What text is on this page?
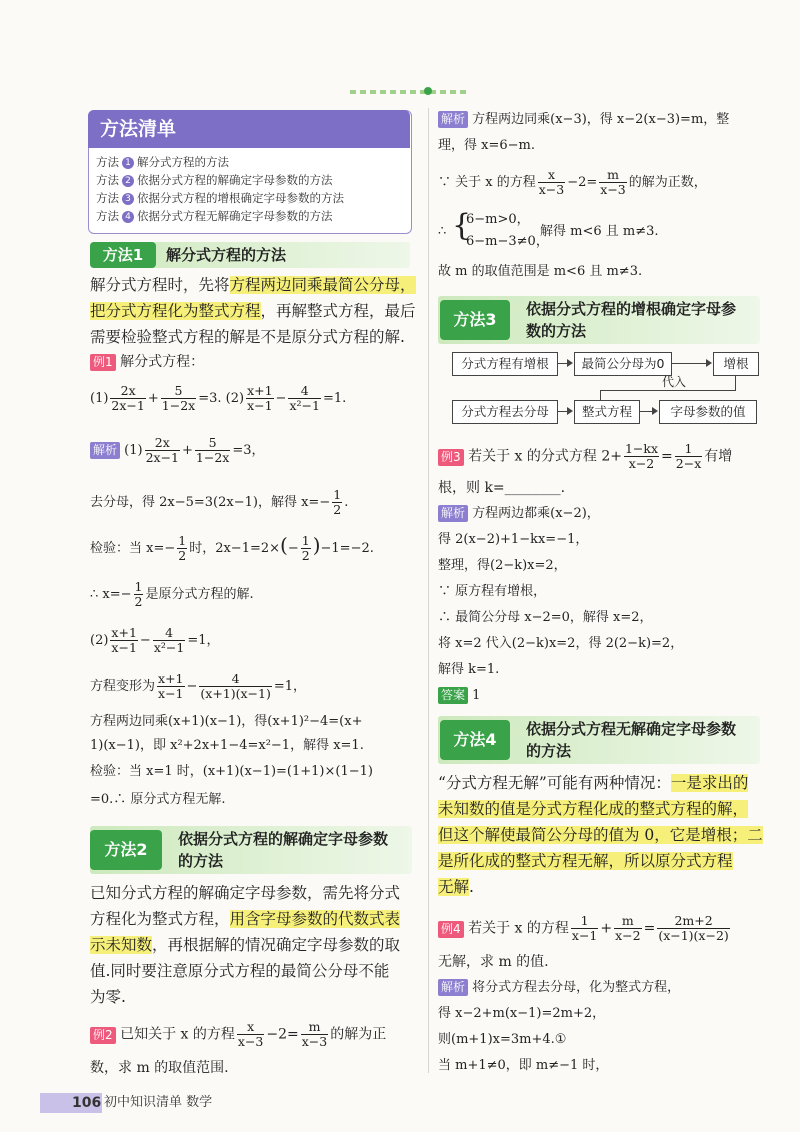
方法清单
方法 1 解分式方程的方法
方法 2 依据分式方程的解确定字母参数的方法
方法 3 依据分式方程的增根确定字母参数的方法
方法 4 依据分式方程无解确定字母参数的方法
方法1	解分式方程的方法
解分式方程时，先将方程两边同乘最简公分母，
把分式方程化为整式方程，再解整式方程，最后
需要检验整式方程的解是不是原分式方程的解.
例1 解分式方程：
$(1) \frac{2x}{2x-1} + \frac{5}{1-2x} =3$. $(2) \frac{x+1}{x-1} - \frac{4}{\text{x²−1}} =1$.
解析 $(1) \frac{2x}{2x-1} + \frac{5}{1-2x} =3$，
去分母，得 2x−5=3(2x−1)，解得 $x=- \frac{1}{2}$ .
检验：当 $x=- \frac{1}{2}$ 时，$2x-1=2\times(- \frac{1}{2} )-1=-2$.
∴ $x=- \frac{1}{2}$ 是原分式方程的解.
$(2) \frac{x+1}{x-1} - \frac{4}{\text{x²−1}} =1$，
方程变形为 $\frac{x+1}{x-1} - \frac{4}{(x+1)(x-1)} =1$，
方程两边同乘(x+1)(x−1)，得(x+1)²−4=(x+
1)(x−1)，即 x²+2x+1−4=x²−1，解得 x=1.
检验：当 x=1 时，(x+1)(x−1)=(1+1)×(1−1)
=0.∴ 原分式方程无解.
方法2
依据分式方程的解确定字母参数
的方法
已知分式方程的解确定字母参数，需先将分式
方程化为整式方程，用含字母参数的代数式表
示未知数，再根据解的情况确定字母参数的取
值.同时要注意原分式方程的最简公分母不能
为零.
例2 已知关于 x 的方程 $\frac{x}{x-3} -2= \frac{m}{x-3}$ 的解为正
数，求 m 的取值范围.
解析 方程两边同乘(x−3)，得 x−2(x−3)=m，整
理，得 x=6−m.
∵ 关于 x 的方程 $\frac{x}{x-3} -2= \frac{m}{x-3}$ 的解为正数，
∴ {
6−m>0，
6−m−3≠0，
解得 m<6 且 m≠3.
故 m 的取值范围是 m<6 且 m≠3.
方法3
依据分式方程的增根确定字母参
数的方法
分式方程有增根	最简公分母为0	增根
代入
分式方程去分母	整式方程	字母参数的值
例3 若关于 x 的分式方程 $2+ \frac{1-kx}{x-2} = \frac{1}{2-x}$ 有增
根，则 k=________.
解析 方程两边都乘(x−2)，
得 2(x−2)+1−kx=−1，
整理，得(2−k)x=2，
∵ 原方程有增根，
∴ 最简公分母 x−2=0，解得 x=2，
将 x=2 代入(2−k)x=2，得 2(2−k)=2，
解得 k=1.
答案 1
方法4
依据分式方程无解确定字母参数
的方法
“分式方程无解”可能有两种情况：一是求出的
未知数的值是分式方程化成的整式方程的解，
但这个解使最简公分母的值为 0，它是增根；二
是所化成的整式方程无解，所以原分式方程
无解.
例4 若关于 x 的方程 $\frac{1}{x-1} + \frac{m}{x-2} = \frac{2m+2}{(x-1)(x-2)}$
无解，求 m 的值.
解析 将分式方程去分母，化为整式方程，
得 x−2+m(x−1)=2m+2，
则(m+1)x=3m+4.①
当 m+1≠0，即 m≠−1 时，
106 初中知识清单 数学
